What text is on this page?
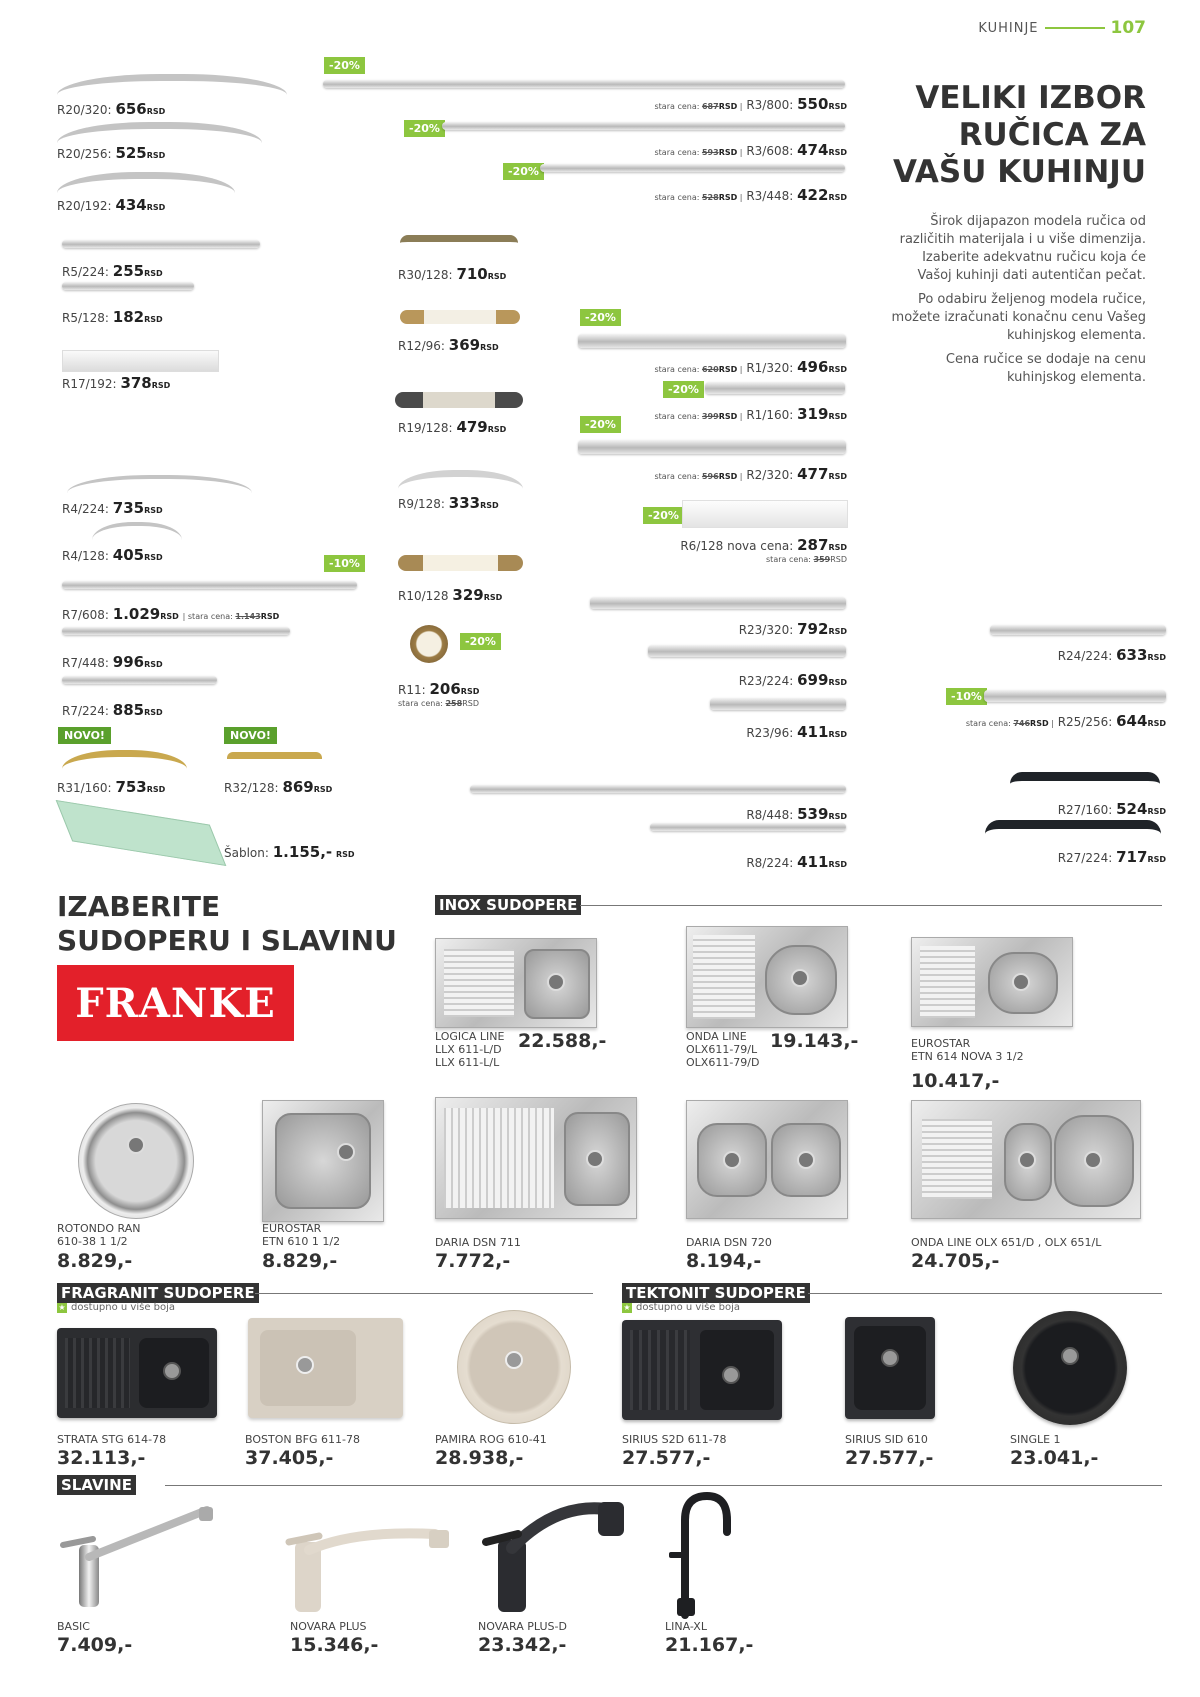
KUHINJE	107
VELIKI IZBOR
RUČICA ZA
VAŠU KUHINJU
Širok dijapazon modela ručica od
različitih materijala i u više dimenzija.
Izaberite adekvatnu ručicu koja će
Vašoj kuhinji dati autentičan pečat.
Po odabiru željenog modela ručice,
možete izračunati konačnu cenu Vašeg
kuhinjskog elementa.
Cena ručice se dodaje na cenu
kuhinjskog elementa.
R20/320: 656RSD
R20/256: 525RSD
R20/192: 434RSD
R5/224: 255RSD
R5/128: 182RSD
R17/192: 378RSD
R4/224: 735RSD
R4/128: 405RSD	-10%
R7/608: 1.029RSD | stara cena: 1.143RSD
R7/448: 996RSD
R7/224: 885RSD
NOVO!
R31/160: 753RSD
NOVO!
R32/128: 869RSD
Šablon: 1.155,- RSD
-20%
stara cena: 687RSD | R3/800: 550RSD
-20%
stara cena: 593RSD | R3/608: 474RSD
-20%
stara cena: 528RSD | R3/448: 422RSD
R30/128: 710RSD
R12/96: 369RSD
R19/128: 479RSD
R9/128: 333RSD
R10/128 329RSD
-20%
R11: 206RSD
stara cena: 258RSD
-20%
stara cena: 620RSD | R1/320: 496RSD
-20%
stara cena: 399RSD | R1/160: 319RSD
-20%
stara cena: 596RSD | R2/320: 477RSD
-20%
R6/128 nova cena: 287RSD
stara cena: 359RSD
R23/320: 792RSD
R23/224: 699RSD
R23/96: 411RSD
R8/448: 539RSD
R8/224: 411RSD
R24/224: 633RSD
-10%
stara cena: 746RSD | R25/256: 644RSD
R27/160: 524RSD
R27/224: 717RSD
IZABERITE
SUDOPERU I SLAVINU
FRANKE
INOX SUDOPERE
LOGICA LINE
LLX 611-L/D
LLX 611-L/L
22.588,-	ONDA LINE
OLX611-79/L
OLX611-79/D
19.143,-	EUROSTAR
ETN 614 NOVA 3 1/2
10.417,-
ROTONDO RAN
610-38 1 1/2
8.829,-
EUROSTAR
ETN 610 1 1/2
8.829,-
DARIA DSN 711
7.772,-
DARIA DSN 720
8.194,-
ONDA LINE OLX 651/D , OLX 651/L
24.705,-
FRAGRANIT SUDOPERE
★ dostupno u više boja
STRATA STG 614-78
32.113,-
BOSTON BFG 611-78
37.405,-
PAMIRA ROG 610-41
28.938,-
TEKTONIT SUDOPERE
★ dostupno u više boja
SIRIUS S2D 611-78
27.577,-
SIRIUS SID 610
27.577,-
SINGLE 1
23.041,-
SLAVINE
BASIC
7.409,-
NOVARA PLUS
15.346,-
NOVARA PLUS-D
23.342,-
LINA-XL
21.167,-
